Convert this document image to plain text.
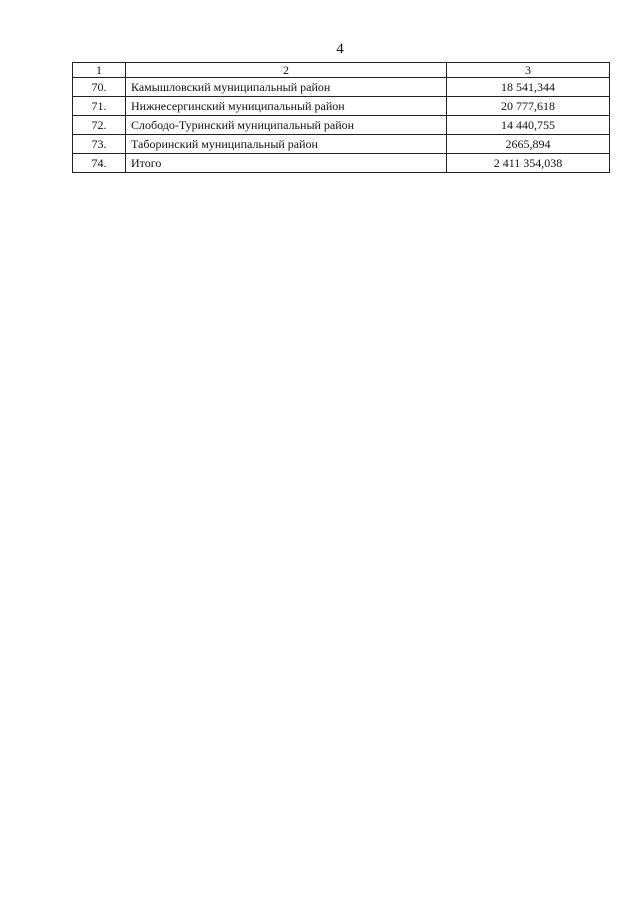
4
1	2	3
70.	Камышловский муниципальный район	18 541,344
71.	Нижнесергинский муниципальный район	20 777,618
72.	Слободо-Туринский муниципальный район	14 440,755
73.	Таборинский муниципальный район	2665,894
74.	Итого	2 411 354,038
